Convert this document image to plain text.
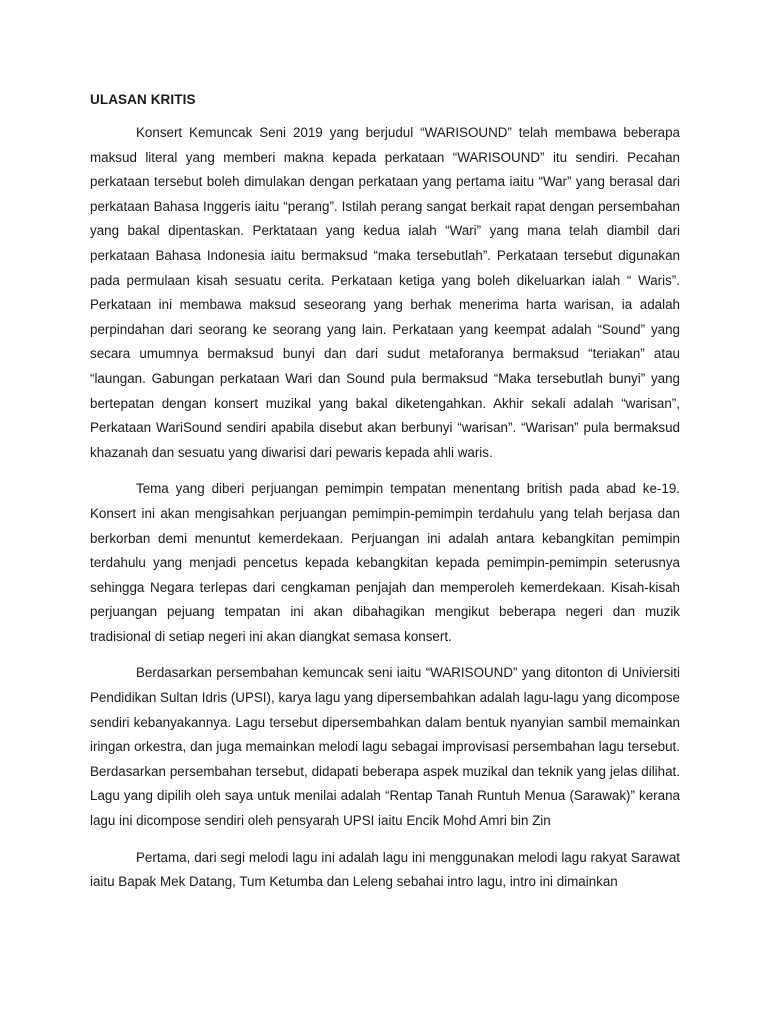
ULASAN KRITIS

Konsert Kemuncak Seni 2019 yang berjudul “WARISOUND” telah membawa beberapa maksud literal yang memberi makna kepada perkataan “WARISOUND” itu sendiri. Pecahan perkataan tersebut boleh dimulakan dengan perkataan yang pertama iaitu “War” yang berasal dari perkataan Bahasa Inggeris iaitu “perang”. Istilah perang sangat berkait rapat dengan persembahan yang bakal dipentaskan. Perktataan yang kedua ialah “Wari” yang mana telah diambil dari perkataan Bahasa Indonesia iaitu bermaksud “maka tersebutlah”. Perkataan tersebut digunakan pada permulaan kisah sesuatu cerita. Perkataan ketiga yang boleh dikeluarkan ialah “ Waris”. Perkataan ini membawa maksud seseorang yang berhak menerima harta warisan, ia adalah perpindahan dari seorang ke seorang yang lain. Perkataan yang keempat adalah “Sound” yang secara umumnya bermaksud bunyi dan dari sudut metaforanya bermaksud “teriakan” atau “laungan. Gabungan perkataan Wari dan Sound pula bermaksud “Maka tersebutlah bunyi” yang bertepatan dengan konsert muzikal yang bakal diketengahkan. Akhir sekali adalah “warisan”, Perkataan WariSound sendiri apabila disebut akan berbunyi “warisan”. “Warisan” pula bermaksud khazanah dan sesuatu yang diwarisi dari pewaris kepada ahli waris.

Tema yang diberi perjuangan pemimpin tempatan menentang british pada abad ke-19. Konsert ini akan mengisahkan perjuangan pemimpin-pemimpin terdahulu yang telah berjasa dan berkorban demi menuntut kemerdekaan. Perjuangan ini adalah antara kebangkitan pemimpin terdahulu yang menjadi pencetus kepada kebangkitan kepada pemimpin-pemimpin seterusnya sehingga Negara terlepas dari cengkaman penjajah dan memperoleh kemerdekaan. Kisah-kisah perjuangan pejuang tempatan ini akan dibahagikan mengikut beberapa negeri dan muzik tradisional di setiap negeri ini akan diangkat semasa konsert.

Berdasarkan persembahan kemuncak seni iaitu “WARISOUND” yang ditonton di Univiersiti Pendidikan Sultan Idris (UPSI), karya lagu yang dipersembahkan adalah lagu-lagu yang dicompose sendiri kebanyakannya. Lagu tersebut dipersembahkan dalam bentuk nyanyian sambil memainkan iringan orkestra, dan juga memainkan melodi lagu sebagai improvisasi persembahan lagu tersebut. Berdasarkan persembahan tersebut, didapati beberapa aspek muzikal dan teknik yang jelas dilihat. Lagu yang dipilih oleh saya untuk menilai adalah “Rentap Tanah Runtuh Menua (Sarawak)” kerana lagu ini dicompose sendiri oleh pensyarah UPSI iaitu Encik Mohd Amri bin Zin

Pertama, dari segi melodi lagu ini adalah lagu ini menggunakan melodi lagu rakyat Sarawat iaitu Bapak Mek Datang, Tum Ketumba dan Leleng sebahai intro lagu, intro ini dimainkan
